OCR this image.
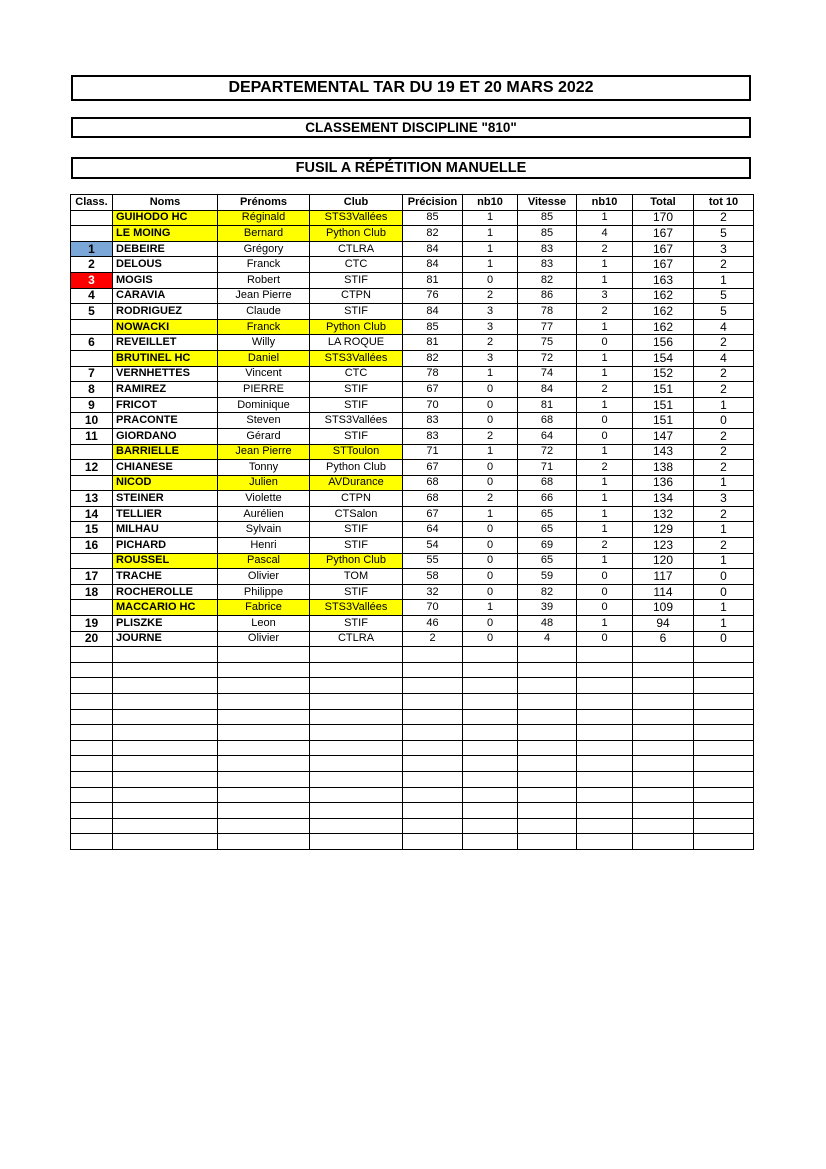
DEPARTEMENTAL TAR DU 19 ET 20 MARS 2022
CLASSEMENT DISCIPLINE "810"
FUSIL A RÉPÉTITION MANUELLE
Class.	Noms	Prénoms	Club	Précision	nb10	Vitesse	nb10	Total	tot 10
	GUIHODO HC	Réginald	STS3Vallées	85	1	85	1	170	2
	LE MOING	Bernard	Python Club	82	1	85	4	167	5
1	DEBEIRE	Grégory	CTLRA	84	1	83	2	167	3
2	DELOUS	Franck	CTC	84	1	83	1	167	2
3	MOGIS	Robert	STIF	81	0	82	1	163	1
4	CARAVIA	Jean Pierre	CTPN	76	2	86	3	162	5
5	RODRIGUEZ	Claude	STIF	84	3	78	2	162	5
	NOWACKI	Franck	Python Club	85	3	77	1	162	4
6	REVEILLET	Willy	LA ROQUE	81	2	75	0	156	2
	BRUTINEL HC	Daniel	STS3Vallées	82	3	72	1	154	4
7	VERNHETTES	Vincent	CTC	78	1	74	1	152	2
8	RAMIREZ	PIERRE	STIF	67	0	84	2	151	2
9	FRICOT	Dominique	STIF	70	0	81	1	151	1
10	PRACONTE	Steven	STS3Vallées	83	0	68	0	151	0
11	GIORDANO	Gérard	STIF	83	2	64	0	147	2
	BARRIELLE	Jean Pierre	STToulon	71	1	72	1	143	2
12	CHIANESE	Tonny	Python Club	67	0	71	2	138	2
	NICOD	Julien	AVDurance	68	0	68	1	136	1
13	STEINER	Violette	CTPN	68	2	66	1	134	3
14	TELLIER	Aurélien	CTSalon	67	1	65	1	132	2
15	MILHAU	Sylvain	STIF	64	0	65	1	129	1
16	PICHARD	Henri	STIF	54	0	69	2	123	2
	ROUSSEL	Pascal	Python Club	55	0	65	1	120	1
17	TRACHE	Olivier	TOM	58	0	59	0	117	0
18	ROCHEROLLE	Philippe	STIF	32	0	82	0	114	0
	MACCARIO HC	Fabrice	STS3Vallées	70	1	39	0	109	1
19	PLISZKE	Leon	STIF	46	0	48	1	94	1
20	JOURNE	Olivier	CTLRA	2	0	4	0	6	0
